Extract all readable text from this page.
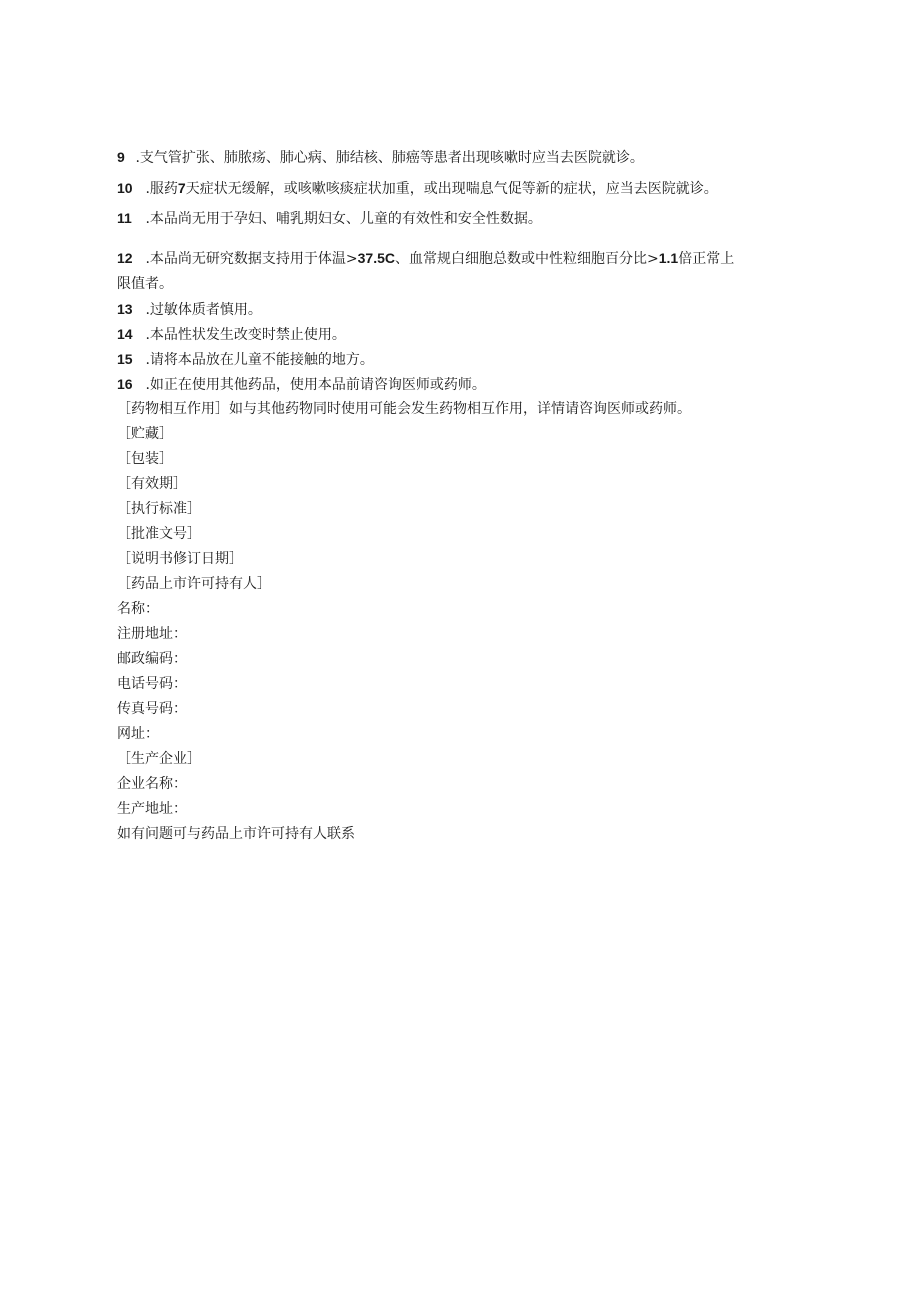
9 .支气管扩张、肺脓疡、肺心病、肺结核、肺癌等患者出现咳嗽时应当去医院就诊。
10 .服药7天症状无缓解，或咳嗽咳痰症状加重，或出现喘息气促等新的症状，应当去医院就诊。
11 .本品尚无用于孕妇、哺乳期妇女、儿童的有效性和安全性数据。
12 .本品尚无研究数据支持用于体温>37.5C、血常规白细胞总数或中性粒细胞百分比>1.1倍正常上
限值者。
13 .过敏体质者慎用。
14 .本品性状发生改变时禁止使用。
15 .请将本品放在儿童不能接触的地方。
16 .如正在使用其他药品，使用本品前请咨询医师或药师。
［药物相互作用］如与其他药物同时使用可能会发生药物相互作用，详情请咨询医师或药师。
［贮藏］
［包装］
［有效期］
［执行标准］
［批准文号］
［说明书修订日期］
［药品上市许可持有人］
名称：
注册地址：
邮政编码：
电话号码：
传真号码：
网址：
［生产企业］
企业名称：
生产地址：
如有问题可与药品上市许可持有人联系
